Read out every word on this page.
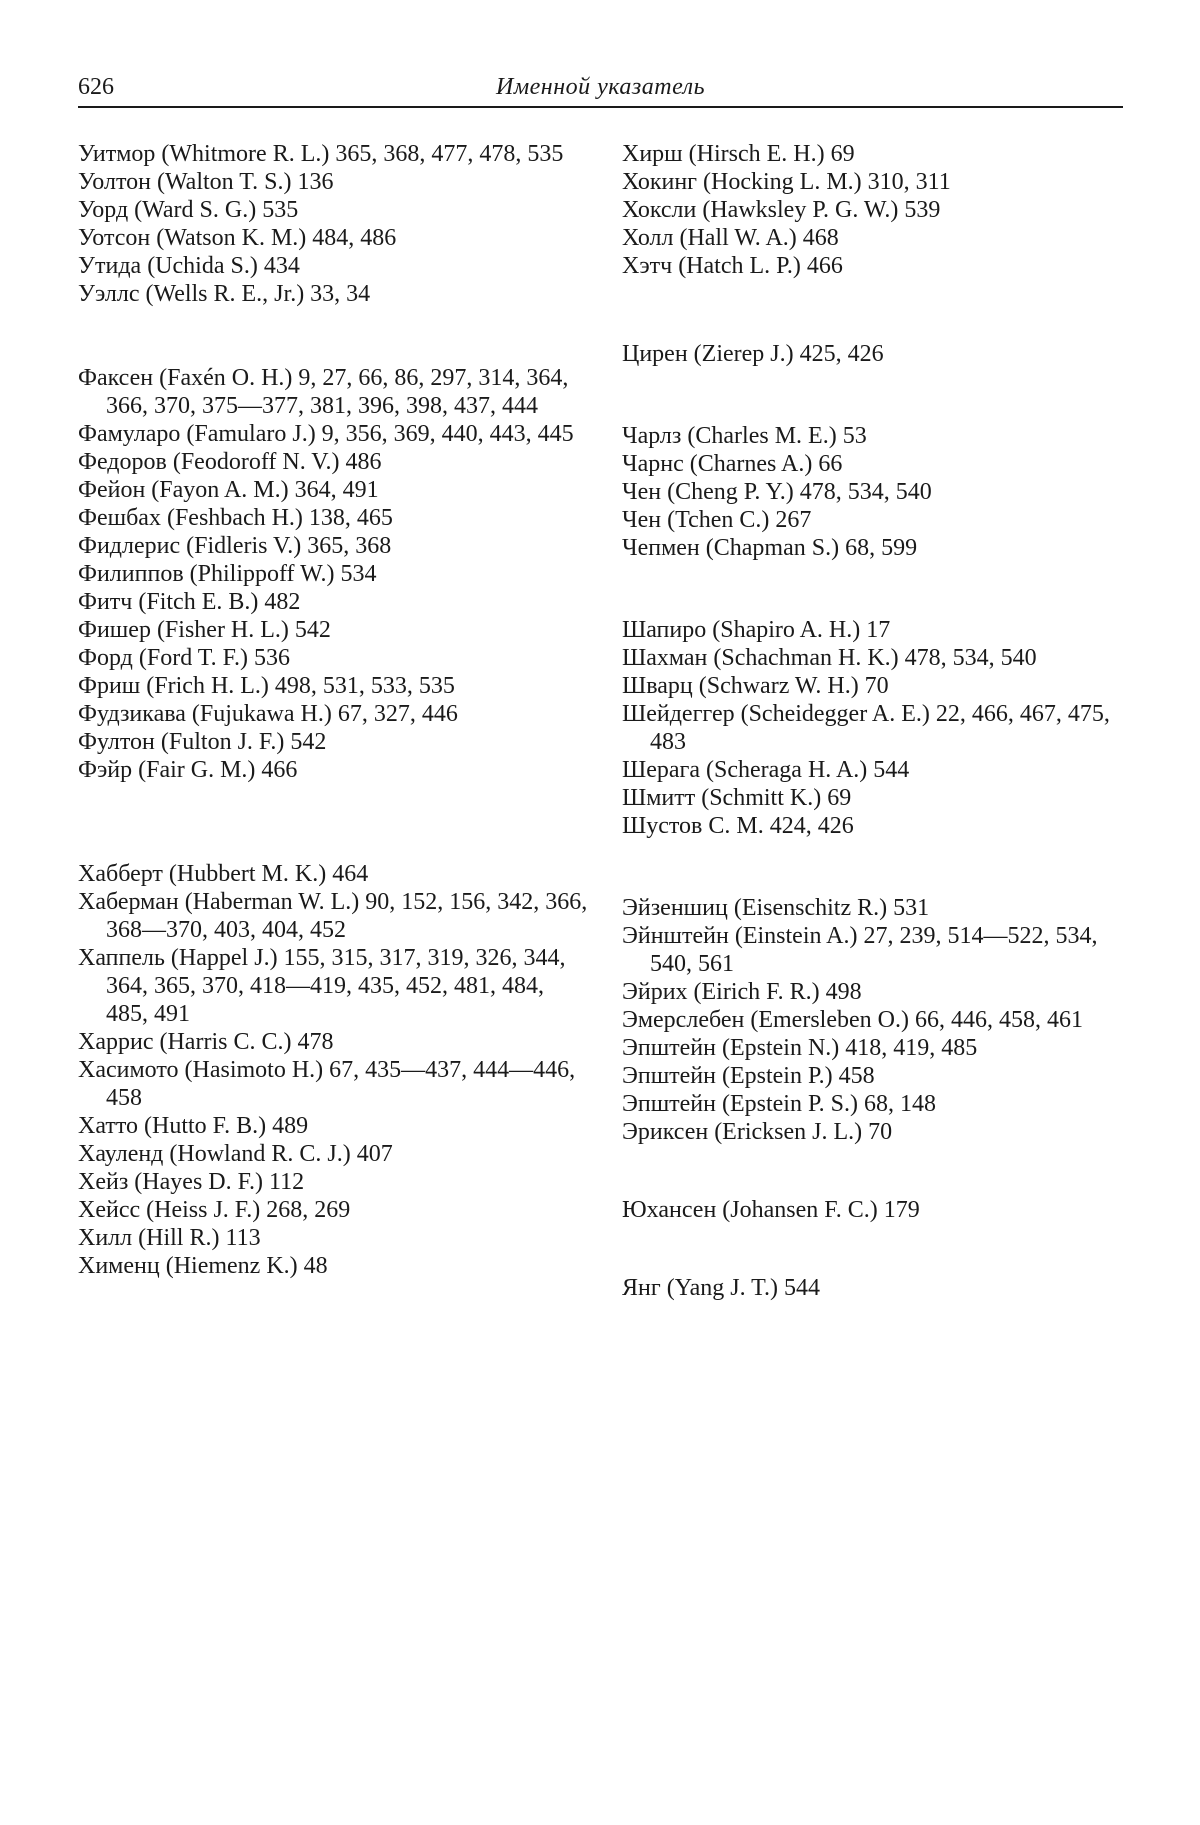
626	Именной указатель
Уитмор (Whitmore R. L.) 365, 368, 477, 478, 535
Уолтон (Walton T. S.) 136
Уорд (Ward S. G.) 535
Уотсон (Watson K. M.) 484, 486
Утида (Uchida S.) 434
Уэллс (Wells R. E., Jr.) 33, 34
Факсен (Faxén O. H.) 9, 27, 66, 86, 297, 314, 364, 366, 370, 375—377, 381, 396, 398, 437, 444
Фамуларо (Famularo J.) 9, 356, 369, 440, 443, 445
Федоров (Feodoroff N. V.) 486
Фейон (Fayon A. M.) 364, 491
Фешбах (Feshbach H.) 138, 465
Фидлерис (Fidleris V.) 365, 368
Филиппов (Philippoff W.) 534
Фитч (Fitch E. B.) 482
Фишер (Fisher H. L.) 542
Форд (Ford T. F.) 536
Фриш (Frich H. L.) 498, 531, 533, 535
Фудзикава (Fujukawa H.) 67, 327, 446
Фултон (Fulton J. F.) 542
Фэйр (Fair G. M.) 466
Хабберт (Hubbert M. K.) 464
Хаберман (Haberman W. L.) 90, 152, 156, 342, 366, 368—370, 403, 404, 452
Хаппель (Happel J.) 155, 315, 317, 319, 326, 344, 364, 365, 370, 418—419, 435, 452, 481, 484, 485, 491
Харрис (Harris C. C.) 478
Хасимото (Hasimoto H.) 67, 435—437, 444—446, 458
Хатто (Hutto F. B.) 489
Хауленд (Howland R. C. J.) 407
Хейз (Hayes D. F.) 112
Хейсс (Heiss J. F.) 268, 269
Хилл (Hill R.) 113
Хименц (Hiemenz K.) 48
Хирш (Hirsch E. H.) 69
Хокинг (Hocking L. M.) 310, 311
Хоксли (Hawksley P. G. W.) 539
Холл (Hall W. A.) 468
Хэтч (Hatch L. P.) 466
Цирен (Zierep J.) 425, 426
Чарлз (Charles M. E.) 53
Чарнс (Charnes A.) 66
Чен (Cheng P. Y.) 478, 534, 540
Чен (Tchen C.) 267
Чепмен (Chapman S.) 68, 599
Шапиро (Shapiro A. H.) 17
Шахман (Schachman H. K.) 478, 534, 540
Шварц (Schwarz W. H.) 70
Шейдеггер (Scheidegger A. E.) 22, 466, 467, 475, 483
Шерага (Scheraga H. A.) 544
Шмитт (Schmitt K.) 69
Шустов С. М. 424, 426
Эйзеншиц (Eisenschitz R.) 531
Эйнштейн (Einstein A.) 27, 239, 514—522, 534, 540, 561
Эйрих (Eirich F. R.) 498
Эмерслебен (Emersleben O.) 66, 446, 458, 461
Эпштейн (Epstein N.) 418, 419, 485
Эпштейн (Epstein P.) 458
Эпштейн (Epstein P. S.) 68, 148
Эриксен (Ericksen J. L.) 70
Юхансен (Johansen F. C.) 179
Янг (Yang J. T.) 544
